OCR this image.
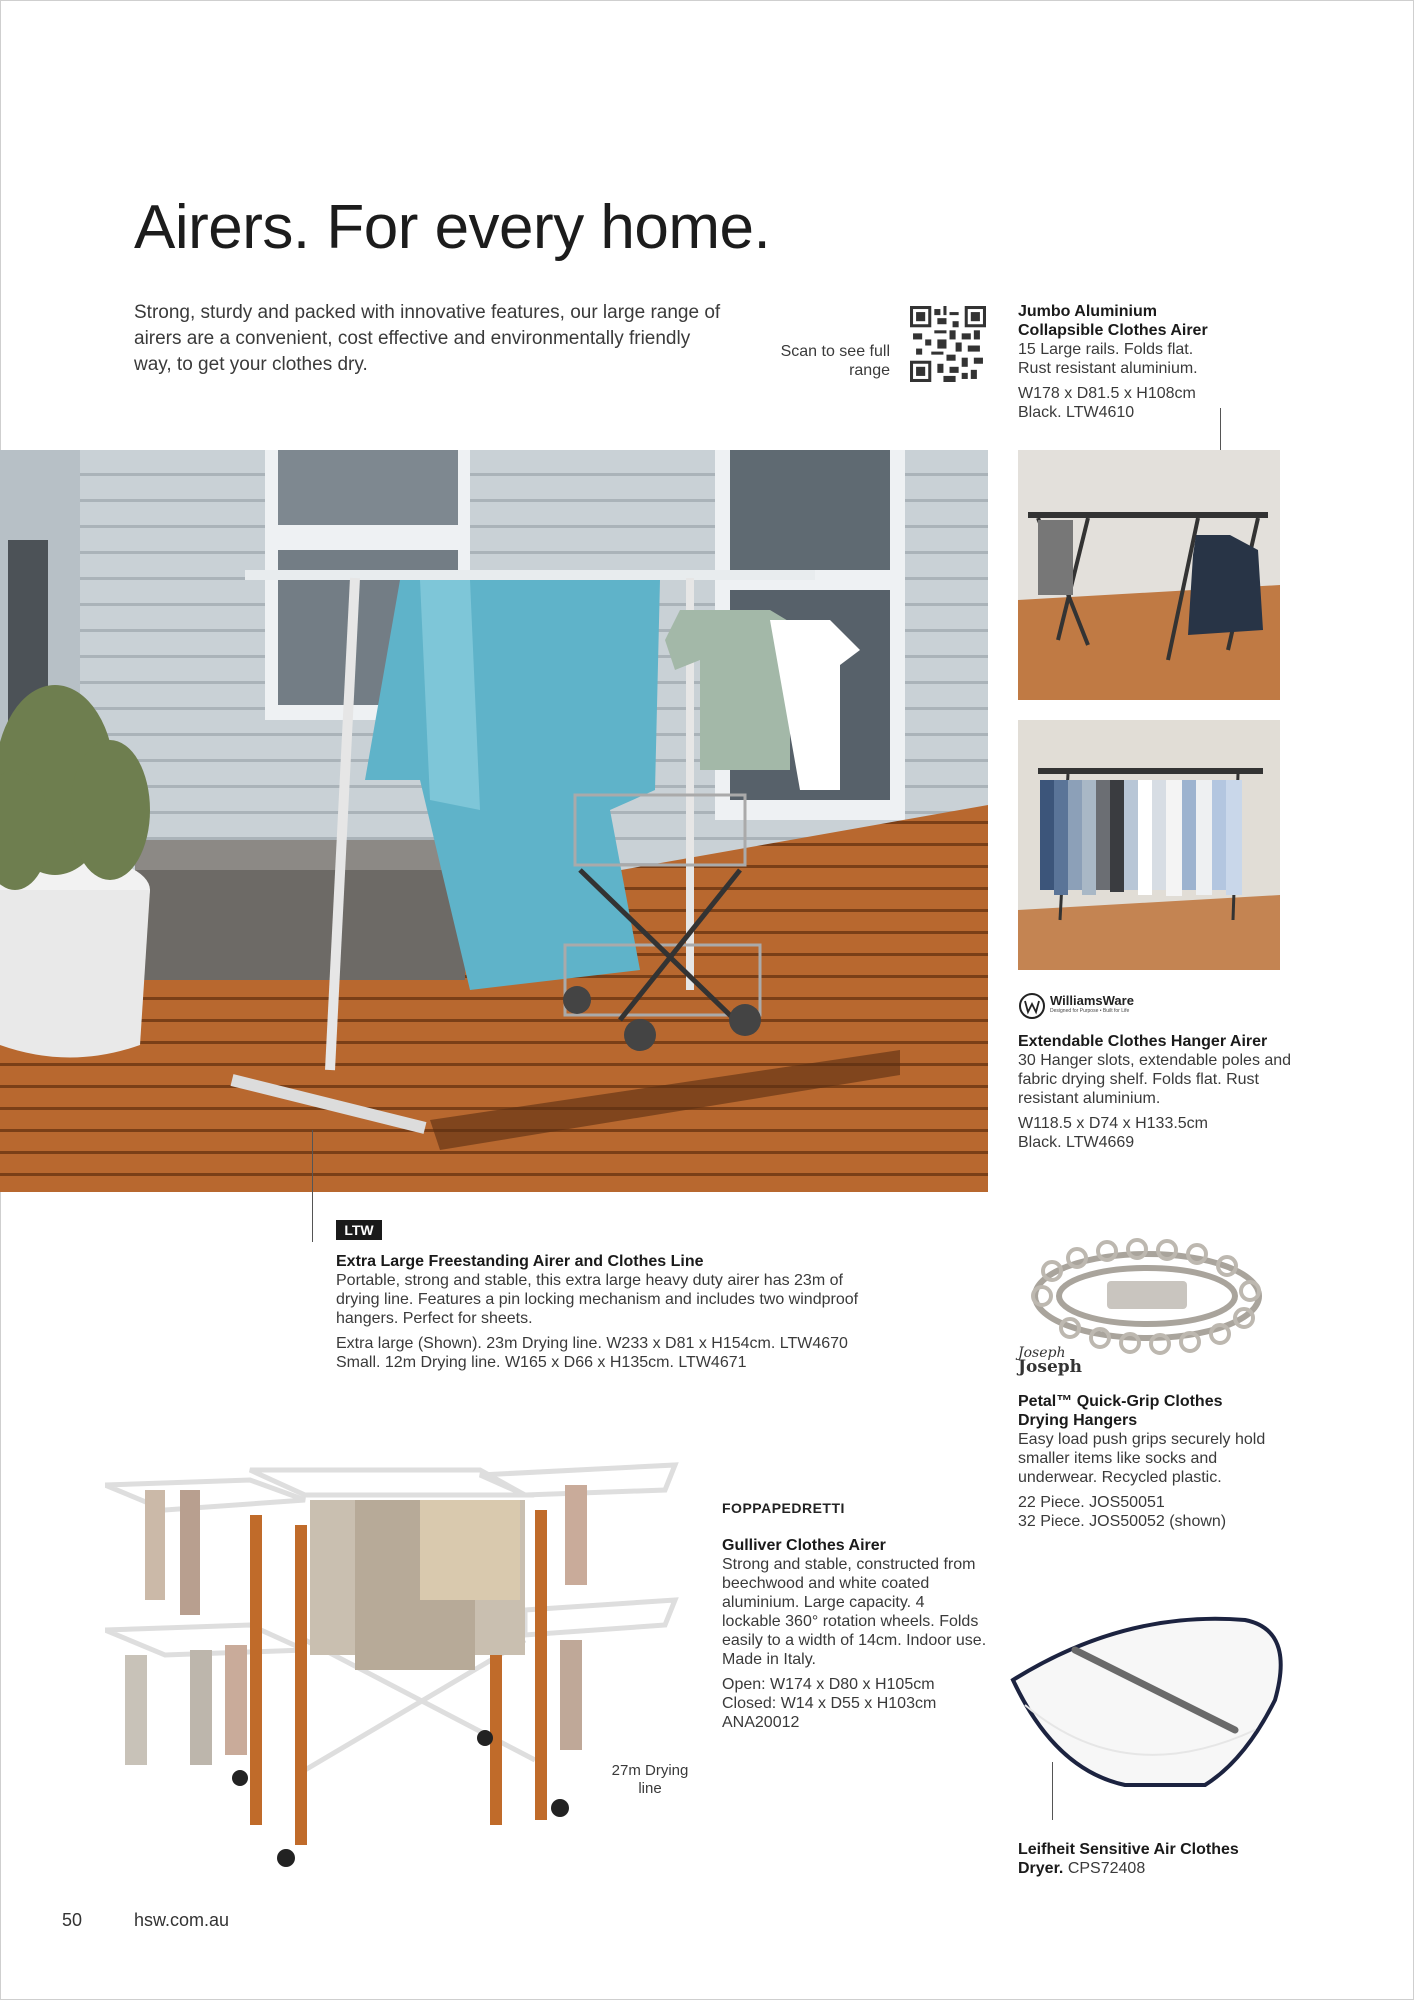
Airers. For every home.

Strong, sturdy and packed with innovative features, our large range of airers are a convenient, cost effective and environmentally friendly way, to get your clothes dry.

Scan to see full range
Jumbo Aluminium Collapsible Clothes Airer
15 Large rails. Folds flat. Rust resistant aluminium.
W178 x D81.5 x H108cm
Black. LTW4610
WilliamsWare
Designed for Purpose • Built for Life
Extendable Clothes Hanger Airer
30 Hanger slots, extendable poles and fabric drying shelf. Folds flat. Rust resistant aluminium.
W118.5 x D74 x H133.5cm
Black. LTW4669
LTW
Extra Large Freestanding Airer and Clothes Line
Portable, strong and stable, this extra large heavy duty airer has 23m of drying line. Features a pin locking mechanism and includes two windproof hangers. Perfect for sheets.
Extra large (Shown). 23m Drying line. W233 x D81 x H154cm. LTW4670
Small. 12m Drying line. W165 x D66 x H135cm. LTW4671
Joseph
Joseph
Petal™ Quick-Grip Clothes Drying Hangers
Easy load push grips securely hold smaller items like socks and underwear. Recycled plastic.
22 Piece. JOS50051
32 Piece. JOS50052 (shown)
FOPPAPEDRETTI
Gulliver Clothes Airer
Strong and stable, constructed from beechwood and white coated aluminium. Large capacity. 4 lockable 360° rotation wheels. Folds easily to a width of 14cm. Indoor use. Made in Italy.
Open: W174 x D80 x H105cm
Closed: W14 x D55 x H103cm
ANA20012
27m Drying line
Leifheit Sensitive Air Clothes Dryer. CPS72408
50	hsw.com.au
